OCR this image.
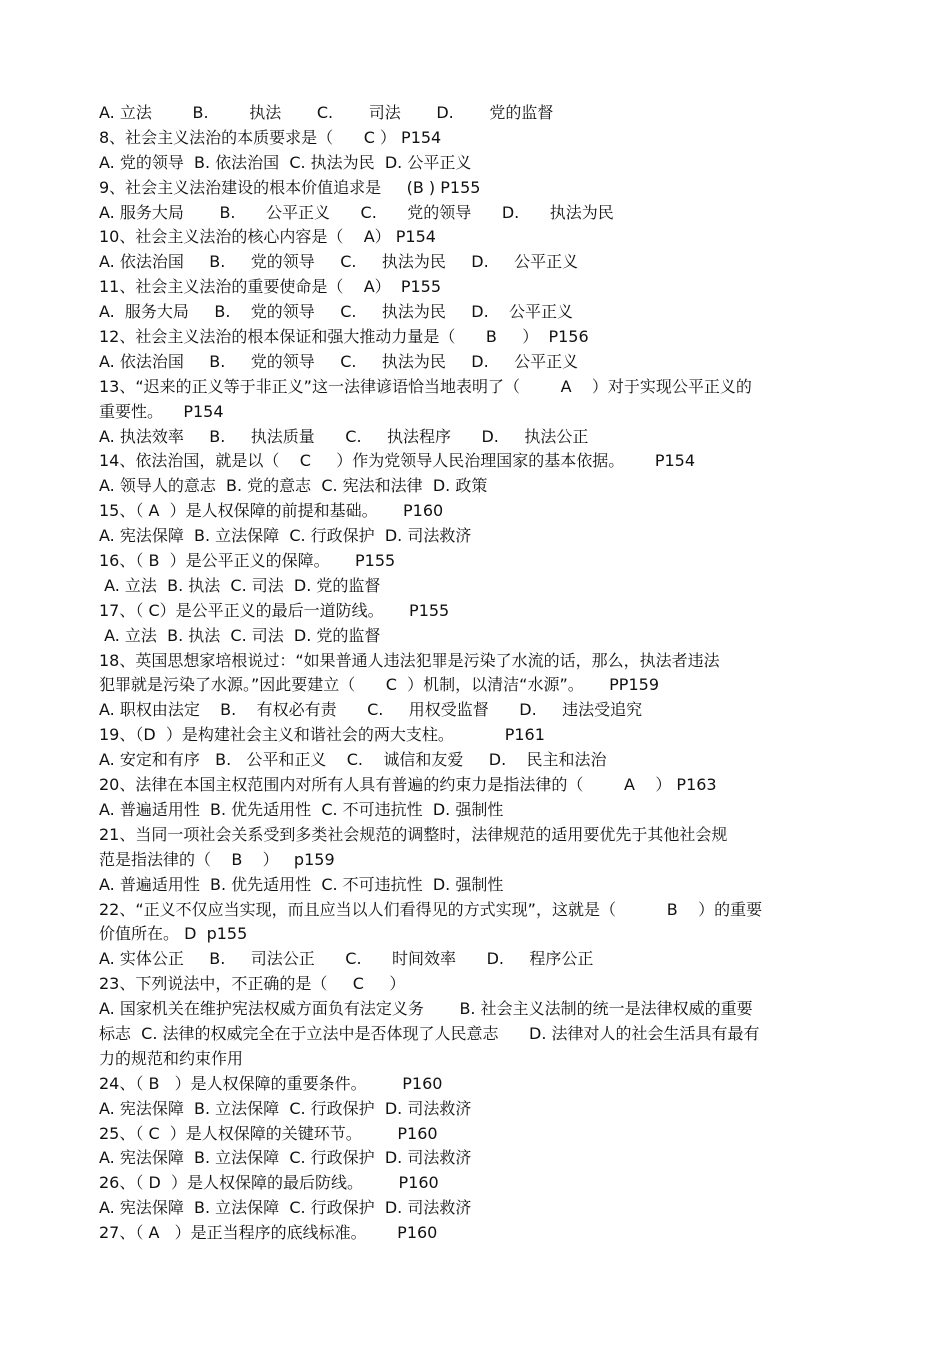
A. 立法        B.        执法       C.       司法       D.       党的监督
8、社会主义法治的本质要求是（      C ） P154
A. 党的领导  B. 依法治国  C. 执法为民  D. 公平正义
9、社会主义法治建设的根本价值追求是     (B ) P155
A. 服务大局       B.      公平正义      C.      党的领导      D.      执法为民
10、社会主义法治的核心内容是（    A） P154
A. 依法治国     B.     党的领导     C.     执法为民     D.     公平正义
11、社会主义法治的重要使命是（    A）  P155
A.  服务大局     B.    党的领导     C.     执法为民     D.    公平正义
12、社会主义法治的根本保证和强大推动力量是（      B     ）  P156
A. 依法治国     B.     党的领导     C.     执法为民     D.     公平正义
13、“迟来的正义等于非正义”这一法律谚语恰当地表明了（        A    ）对于实现公平正义的
重要性。    P154
A. 执法效率     B.     执法质量      C.     执法程序      D.     执法公正
14、依法治国，就是以（    C     ）作为党领导人民治理国家的基本依据。      P154
A. 领导人的意志  B. 党的意志  C. 宪法和法律  D. 政策
15、（ A  ）是人权保障的前提和基础。     P160
A. 宪法保障  B. 立法保障  C. 行政保护  D. 司法救济
16、（ B  ）是公平正义的保障。     P155
A. 立法  B. 执法  C. 司法  D. 党的监督
17、（ C）是公平正义的最后一道防线。     P155
A. 立法  B. 执法  C. 司法  D. 党的监督
18、英国思想家培根说过：“如果普通人违法犯罪是污染了水流的话，那么，执法者违法
犯罪就是污染了水源。”因此要建立（      C  ）机制，以清洁“水源”。     PP159
A. 职权由法定    B.    有权必有责      C.     用权受监督      D.     违法受追究
19、（D  ）是构建社会主义和谐社会的两大支柱。          P161
A. 安定和有序   B.   公平和正义    C.    诚信和友爱     D.    民主和法治
20、法律在本国主权范围内对所有人具有普遍的约束力是指法律的（        A    ） P163
A. 普遍适用性  B. 优先适用性  C. 不可违抗性  D. 强制性
21、当同一项社会关系受到多类社会规范的调整时，法律规范的适用要优先于其他社会规
范是指法律的（    B    ）   p159
A. 普遍适用性  B. 优先适用性  C. 不可违抗性  D. 强制性
22、“正义不仅应当实现，而且应当以人们看得见的方式实现”，这就是（          B    ）的重要
价值所在。 D  p155
A. 实体公正     B.     司法公正      C.      时间效率      D.     程序公正
23、下列说法中，不正确的是（     C     ）
A. 国家机关在维护宪法权威方面负有法定义务       B. 社会主义法制的统一是法律权威的重要
标志  C. 法律的权威完全在于立法中是否体现了人民意志      D. 法律对人的社会生活具有最有
力的规范和约束作用
24、（ B   ）是人权保障的重要条件。       P160
A. 宪法保障  B. 立法保障  C. 行政保护  D. 司法救济
25、（ C  ）是人权保障的关键环节。       P160
A. 宪法保障  B. 立法保障  C. 行政保护  D. 司法救济
26、（ D  ）是人权保障的最后防线。       P160
A. 宪法保障  B. 立法保障  C. 行政保护  D. 司法救济
27、（ A   ）是正当程序的底线标准。      P160
